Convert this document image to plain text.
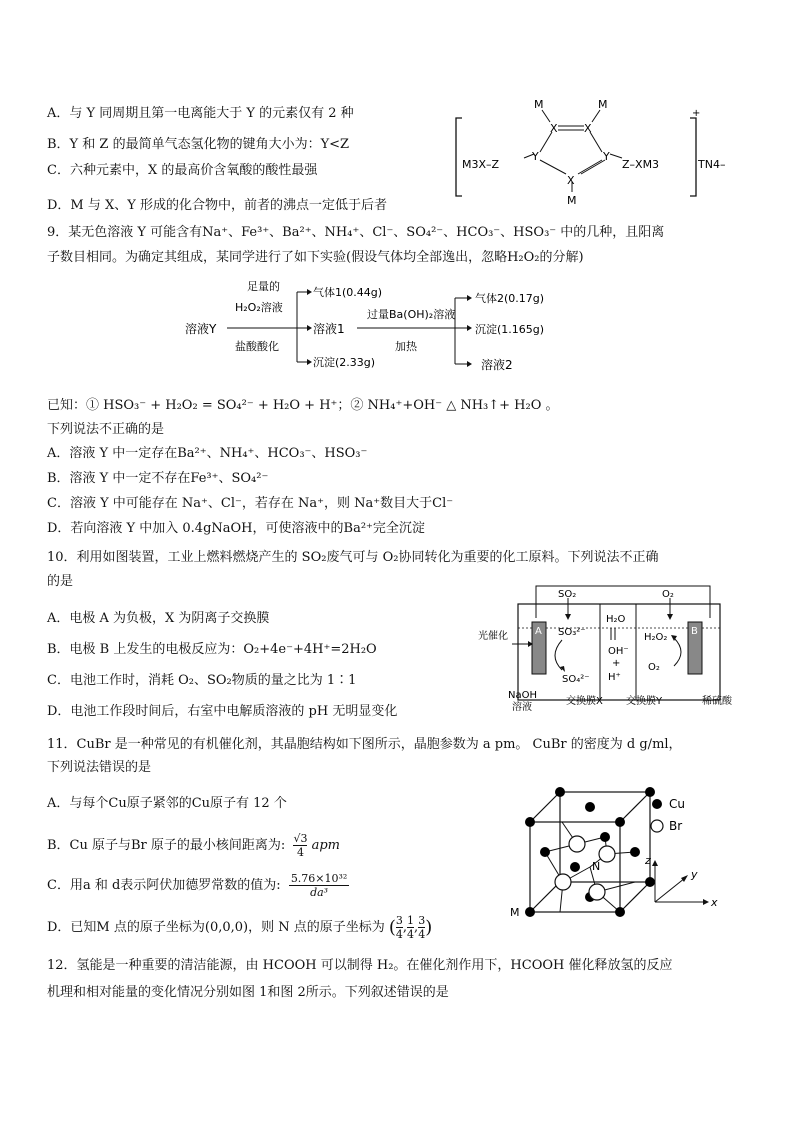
A．与 Y 同周期且第一电离能大于 Y 的元素仅有 2 种
B．Y 和 Z 的最简单气态氢化物的键角大小为：Y<Z
C．六种元素中，X 的最高价含氧酸的酸性最强
D．M 与 X、Y 形成的化合物中，前者的沸点一定低于后者
+
M	M
X X
Y	Y
X
M
M3X–Z	Z–XM3	TN4–
9．某无色溶液 Y 可能含有Na⁺、Fe³⁺、Ba²⁺、NH₄⁺、Cl⁻、SO₄²⁻、HCO₃⁻、HSO₃⁻ 中的几种，且阳离
子数目相同。为确定其组成，某同学进行了如下实验(假设气体均全部逸出，忽略H₂O₂的分解)
溶液Y
足量的
H₂O₂溶液
盐酸酸化
气体1(0.44g)
溶液1
沉淀(2.33g)
过量Ba(OH)₂溶液
加热
气体2(0.17g)
沉淀(1.165g)
溶液2
已知：① HSO₃⁻ + H₂O₂ = SO₄²⁻ + H₂O + H⁺；② NH₄⁺+OH⁻ △ NH₃↑+ H₂O 。
下列说法不正确的是
A．溶液 Y 中一定存在Ba²⁺、NH₄⁺、HCO₃⁻、HSO₃⁻
B．溶液 Y 中一定不存在Fe³⁺、SO₄²⁻
C．溶液 Y 中可能存在 Na⁺、Cl⁻，若存在 Na⁺，则 Na⁺数目大于Cl⁻
D．若向溶液 Y 中加入 0.4gNaOH，可使溶液中的Ba²⁺完全沉淀
10．利用如图装置，工业上燃料燃烧产生的 SO₂废气可与 O₂协同转化为重要的化工原料。下列说法不正确
的是
A．电极 A 为负极，X 为阴离子交换膜
B．电极 B 上发生的电极反应为：O₂+4e⁻+4H⁺=2H₂O
C．电池工作时，消耗 O₂、SO₂物质的量之比为 1∶1
D．电池工作段时间后，右室中电解质溶液的 pH 无明显变化
SO₂	O₂
A	B
光催化	SO₃²⁻
SO₄²⁻
H₂O
OH⁻
+
H⁺
H₂O₂
O₂
NaOH
溶液
交换膜X 交换膜Y	稀硫酸
11．CuBr 是一种常见的有机催化剂，其晶胞结构如下图所示，晶胞参数为 a pm。 CuBr 的密度为 d g/ml，
下列说法错误的是
A．与每个Cu原子紧邻的Cu原子有 12 个
B．Cu 原子与Br 原子的最小核间距离为: $\frac{√3}{4}$ apm
C．用a 和 d表示阿伏加德罗常数的值为: $\frac{\text{5.76×10³²}}{\text{da³}}$
D．已知M 点的原子坐标为(0,0,0)，则 N 点的原子坐标为 ( $\frac{3}{4}$ , $\frac{1}{4}$ , $\frac{3}{4}$ )
N
M
Cu
Br
x
y
z
12．氢能是一种重要的清洁能源，由 HCOOH 可以制得 H₂。在催化剂作用下，HCOOH 催化释放氢的反应
机理和相对能量的变化情况分别如图 1和图 2所示。下列叙述错误的是
